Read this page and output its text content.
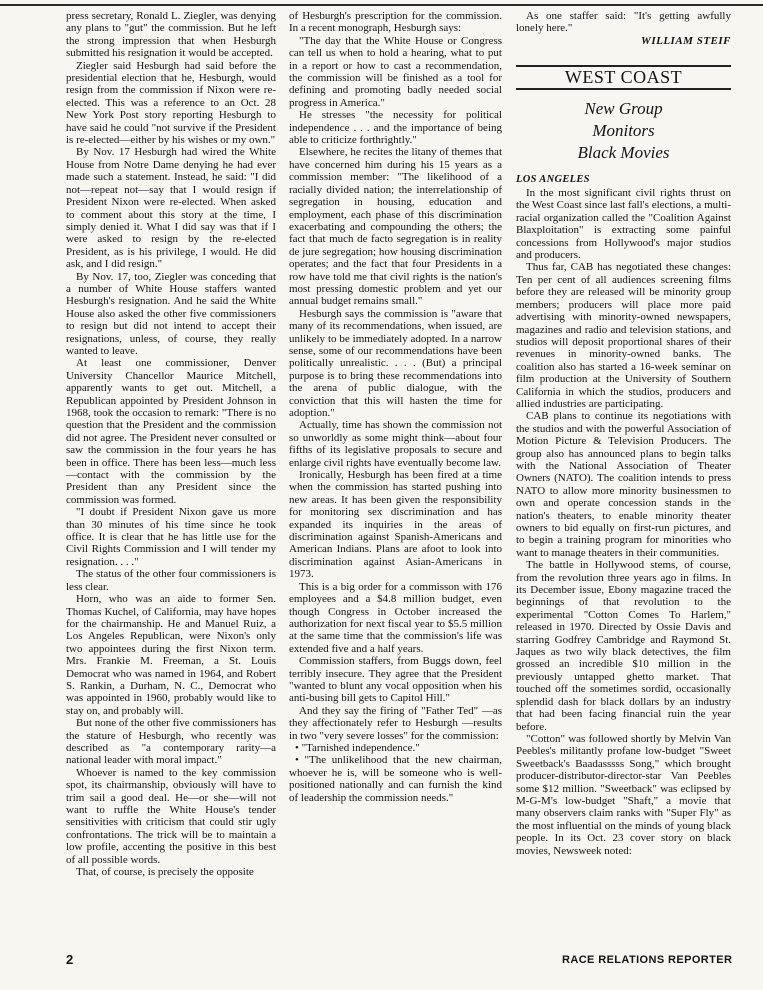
press secretary, Ronald L. Ziegler, was denying any plans to "gut" the commission. But he left the strong impression that when Hesburgh submitted his resignation it would be accepted.

Ziegler said Hesburgh had said before the presidential election that he, Hesburgh, would resign from the commission if Nixon were re-elected. This was a reference to an Oct. 28 New York Post story reporting Hesburgh to have said he could "not survive if the President is re-elected—either by his wishes or my own."

By Nov. 17 Hesburgh had wired the White House from Notre Dame denying he had ever made such a statement. Instead, he said: "I did not—repeat not—say that I would resign if President Nixon were re-elected. When asked to comment about this story at the time, I simply denied it. What I did say was that if I were asked to resign by the re-elected President, as is his privilege, I would. He did ask, and I did resign."

By Nov. 17, too, Ziegler was conceding that a number of White House staffers wanted Hesburgh's resignation. And he said the White House also asked the other five commissioners to resign but did not intend to accept their resignations, unless, of course, they really wanted to leave.

At least one commissioner, Denver University Chancellor Maurice Mitchell, apparently wants to get out. Mitchell, a Republican appointed by President Johnson in 1968, took the occasion to remark: "There is no question that the President and the commission did not agree. The President never consulted or saw the commission in the four years he has been in office. There has been less—much less—contact with the commission by the President than any President since the commission was formed.

"I doubt if President Nixon gave us more than 30 minutes of his time since he took office. It is clear that he has little use for the Civil Rights Commission and I will tender my resignation. . . ."

The status of the other four commissioners is less clear.

Horn, who was an aide to former Sen. Thomas Kuchel, of California, may have hopes for the chairmanship. He and Manuel Ruiz, a Los Angeles Republican, were Nixon's only two appointees during the first Nixon term. Mrs. Frankie M. Freeman, a St. Louis Democrat who was named in 1964, and Robert S. Rankin, a Durham, N. C., Democrat who was appointed in 1960, probably would like to stay on, and probably will.

But none of the other five commissioners has the stature of Hesburgh, who recently was described as "a contemporary rarity—a national leader with moral impact."

Whoever is named to the key commission spot, its chairmanship, obviously will have to trim sail a good deal. He—or she—will not want to ruffle the White House's tender sensitivities with criticism that could stir ugly confrontations. The trick will be to maintain a low profile, accenting the positive in this best of all possible words.

That, of course, is precisely the opposite

of Hesburgh's prescription for the commission. In a recent monograph, Hesburgh says:

"The day that the White House or Congress can tell us when to hold a hearing, what to put in a report or how to cast a recommendation, the commission will be finished as a tool for defining and promoting badly needed social progress in America."

He stresses "the necessity for political independence . . . and the importance of being able to criticize forthrightly."

Elsewhere, he recites the litany of themes that have concerned him during his 15 years as a commission member: "The likelihood of a racially divided nation; the interrelationship of segregation in housing, education and employment, each phase of this discrimination exacerbating and compounding the others; the fact that much de facto segregation is in reality de jure segregation; how housing discrimination operates; and the fact that four Presidents in a row have told me that civil rights is the nation's most pressing domestic problem and yet our annual budget remains small."

Hesburgh says the commission is "aware that many of its recommendations, when issued, are unlikely to be immediately adopted. In a narrow sense, some of our recommendations have been politically unrealistic. . . . (But) a principal purpose is to bring these recommendations into the arena of public dialogue, with the conviction that this will hasten the time for adoption."

Actually, time has shown the commission not so unworldly as some might think—about four fifths of its legislative proposals to secure and enlarge civil rights have eventually become law.

Ironically, Hesburgh has been fired at a time when the commission has started pushing into new areas. It has been given the responsibility for monitoring sex discrimination and has expanded its inquiries in the areas of discrimination against Spanish-Americans and American Indians. Plans are afoot to look into discrimination against Asian-Americans in 1973.

This is a big order for a commisson with 176 employees and a $4.8 million budget, even though Congress in October increased the authorization for next fiscal year to $5.5 million at the same time that the commission's life was extended five and a half years.

Commission staffers, from Buggs down, feel terribly insecure. They agree that the President "wanted to blunt any vocal opposition when his anti-busing bill gets to Capitol Hill."

And they say the firing of "Father Ted" —as they affectionately refer to Hesburgh —results in two "very severe losses" for the commission:

• "Tarnished independence."

• "The unlikelihood that the new chairman, whoever he is, will be someone who is well-positioned nationally and can furnish the kind of leadership the commission needs."

As one staffer said: "It's getting awfully lonely here."

WILLIAM STEIF

WEST COAST
New Group
Monitors
Black Movies
LOS ANGELES

In the most significant civil rights thrust on the West Coast since last fall's elections, a multi-racial organization called the "Coalition Against Blaxploitation" is extracting some painful concessions from Hollywood's major studios and producers.

Thus far, CAB has negotiated these changes: Ten per cent of all audiences screening films before they are released will be minority group members; producers will place more paid advertising with minority-owned newspapers, magazines and radio and television stations, and studios will deposit proportional shares of their revenues in minority-owned banks. The coalition also has started a 16-week seminar on film production at the University of Southern California in which the studios, producers and allied industries are participating.

CAB plans to continue its negotiations with the studios and with the powerful Association of Motion Picture & Television Producers. The group also has announced plans to begin talks with the National Association of Theater Owners (NATO). The coalition intends to press NATO to allow more minority businessmen to own and operate concession stands in the nation's theaters, to enable minority theater owners to bid equally on first-run pictures, and to begin a training program for minorities who want to manage theaters in their communities.

The battle in Hollywood stems, of course, from the revolution three years ago in films. In its December issue, Ebony magazine traced the beginnings of that revolution to the experimental "Cotton Comes To Harlem," released in 1970. Directed by Ossie Davis and starring Godfrey Cambridge and Raymond St. Jaques as two wily black detectives, the film grossed an incredible $10 million in the previously untapped ghetto market. That touched off the sometimes sordid, occasionally splendid dash for black dollars by an industry that had been facing financial ruin the year before.

"Cotton" was followed shortly by Melvin Van Peebles's militantly profane low-budget "Sweet Sweetback's Baadasssss Song," which brought producer-distributor-director-star Van Peebles some $12 million. "Sweetback" was eclipsed by M-G-M's low-budget "Shaft," a movie that many observers claim ranks with "Super Fly" as the most influential on the minds of young black people. In its Oct. 23 cover story on black movies, Newsweek noted:

2	RACE RELATIONS REPORTER
